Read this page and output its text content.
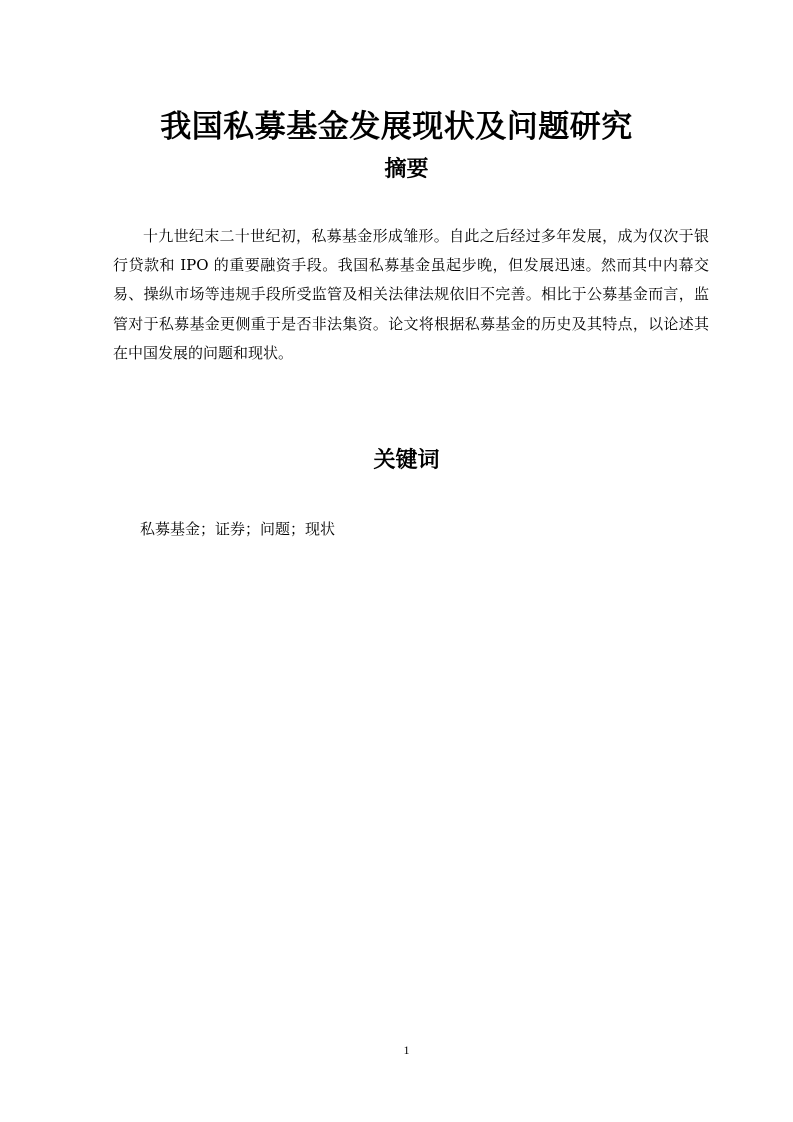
我国私募基金发展现状及问题研究
摘要

十九世纪末二十世纪初，私募基金形成雏形。自此之后经过多年发展，成为仅次于银行贷款和 IPO 的重要融资手段。我国私募基金虽起步晚，但发展迅速。然而其中内幕交易、操纵市场等违规手段所受监管及相关法律法规依旧不完善。相比于公募基金而言，监管对于私募基金更侧重于是否非法集资。论文将根据私募基金的历史及其特点，以论述其在中国发展的问题和现状。

关键词

私募基金；证券；问题；现状

1
